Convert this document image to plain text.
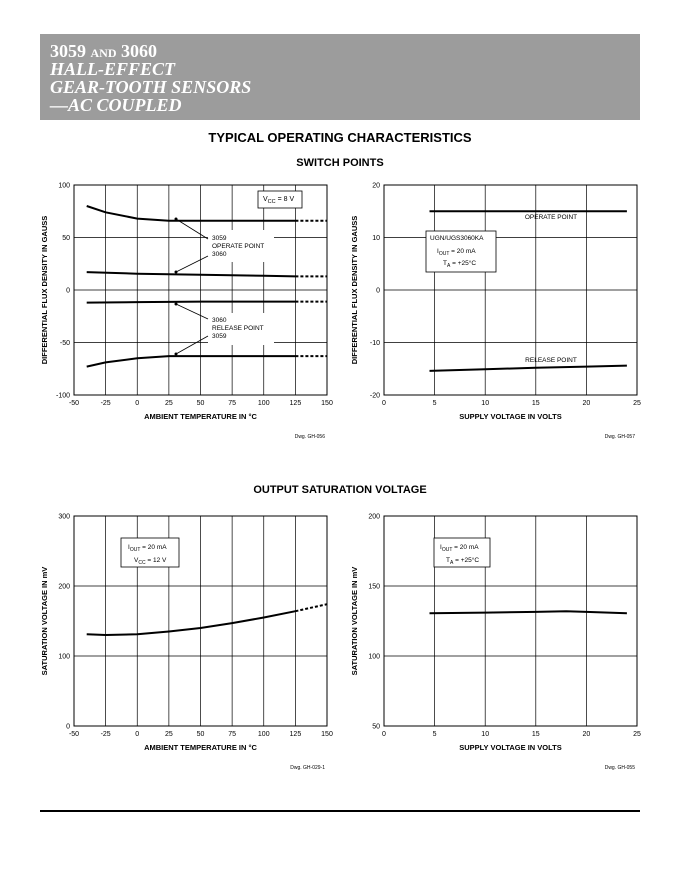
3059 AND 3060
HALL-EFFECT
GEAR-TOOTH SENSORS
—AC COUPLED
TYPICAL OPERATING CHARACTERISTICS
SWITCH POINTS
OUTPUT SATURATION VOLTAGE
-50	-25	0	25	50	75	100	125	150
100
50
0
-50
-100
AMBIENT TEMPERATURE IN °C
DIFFERENTIAL FLUX DENSITY IN GAUSS
Dwg. GH-056
0	5	10	15	20	25
20
10
0
-10
-20
SUPPLY VOLTAGE IN VOLTS
DIFFERENTIAL FLUX DENSITY IN GAUSS
Dwg. GH-057
-50	-25	0	25	50	75	100	125	150
300
200
100
0
AMBIENT TEMPERATURE IN °C
SATURATION VOLTAGE IN mV
Dwg. GH-029-1
0	5	10	15	20	25
200
150
100
50
SUPPLY VOLTAGE IN VOLTS
SATURATION VOLTAGE IN mV
Dwg. GH-055
$V_{CC} = 8$ V
3059
OPERATE POINT
3060
3060
RELEASE POINT
3059
UGN/UGS3060KA
$I_{OUT} = 20$ mA
$T_A = +25^\circ C$
OPERATE POINT
RELEASE POINT
$I_{OUT} = 20$ mA
$V_{CC} = 12$ V
$I_{OUT} = 20$ mA
$T_A = +25^\circ C$
